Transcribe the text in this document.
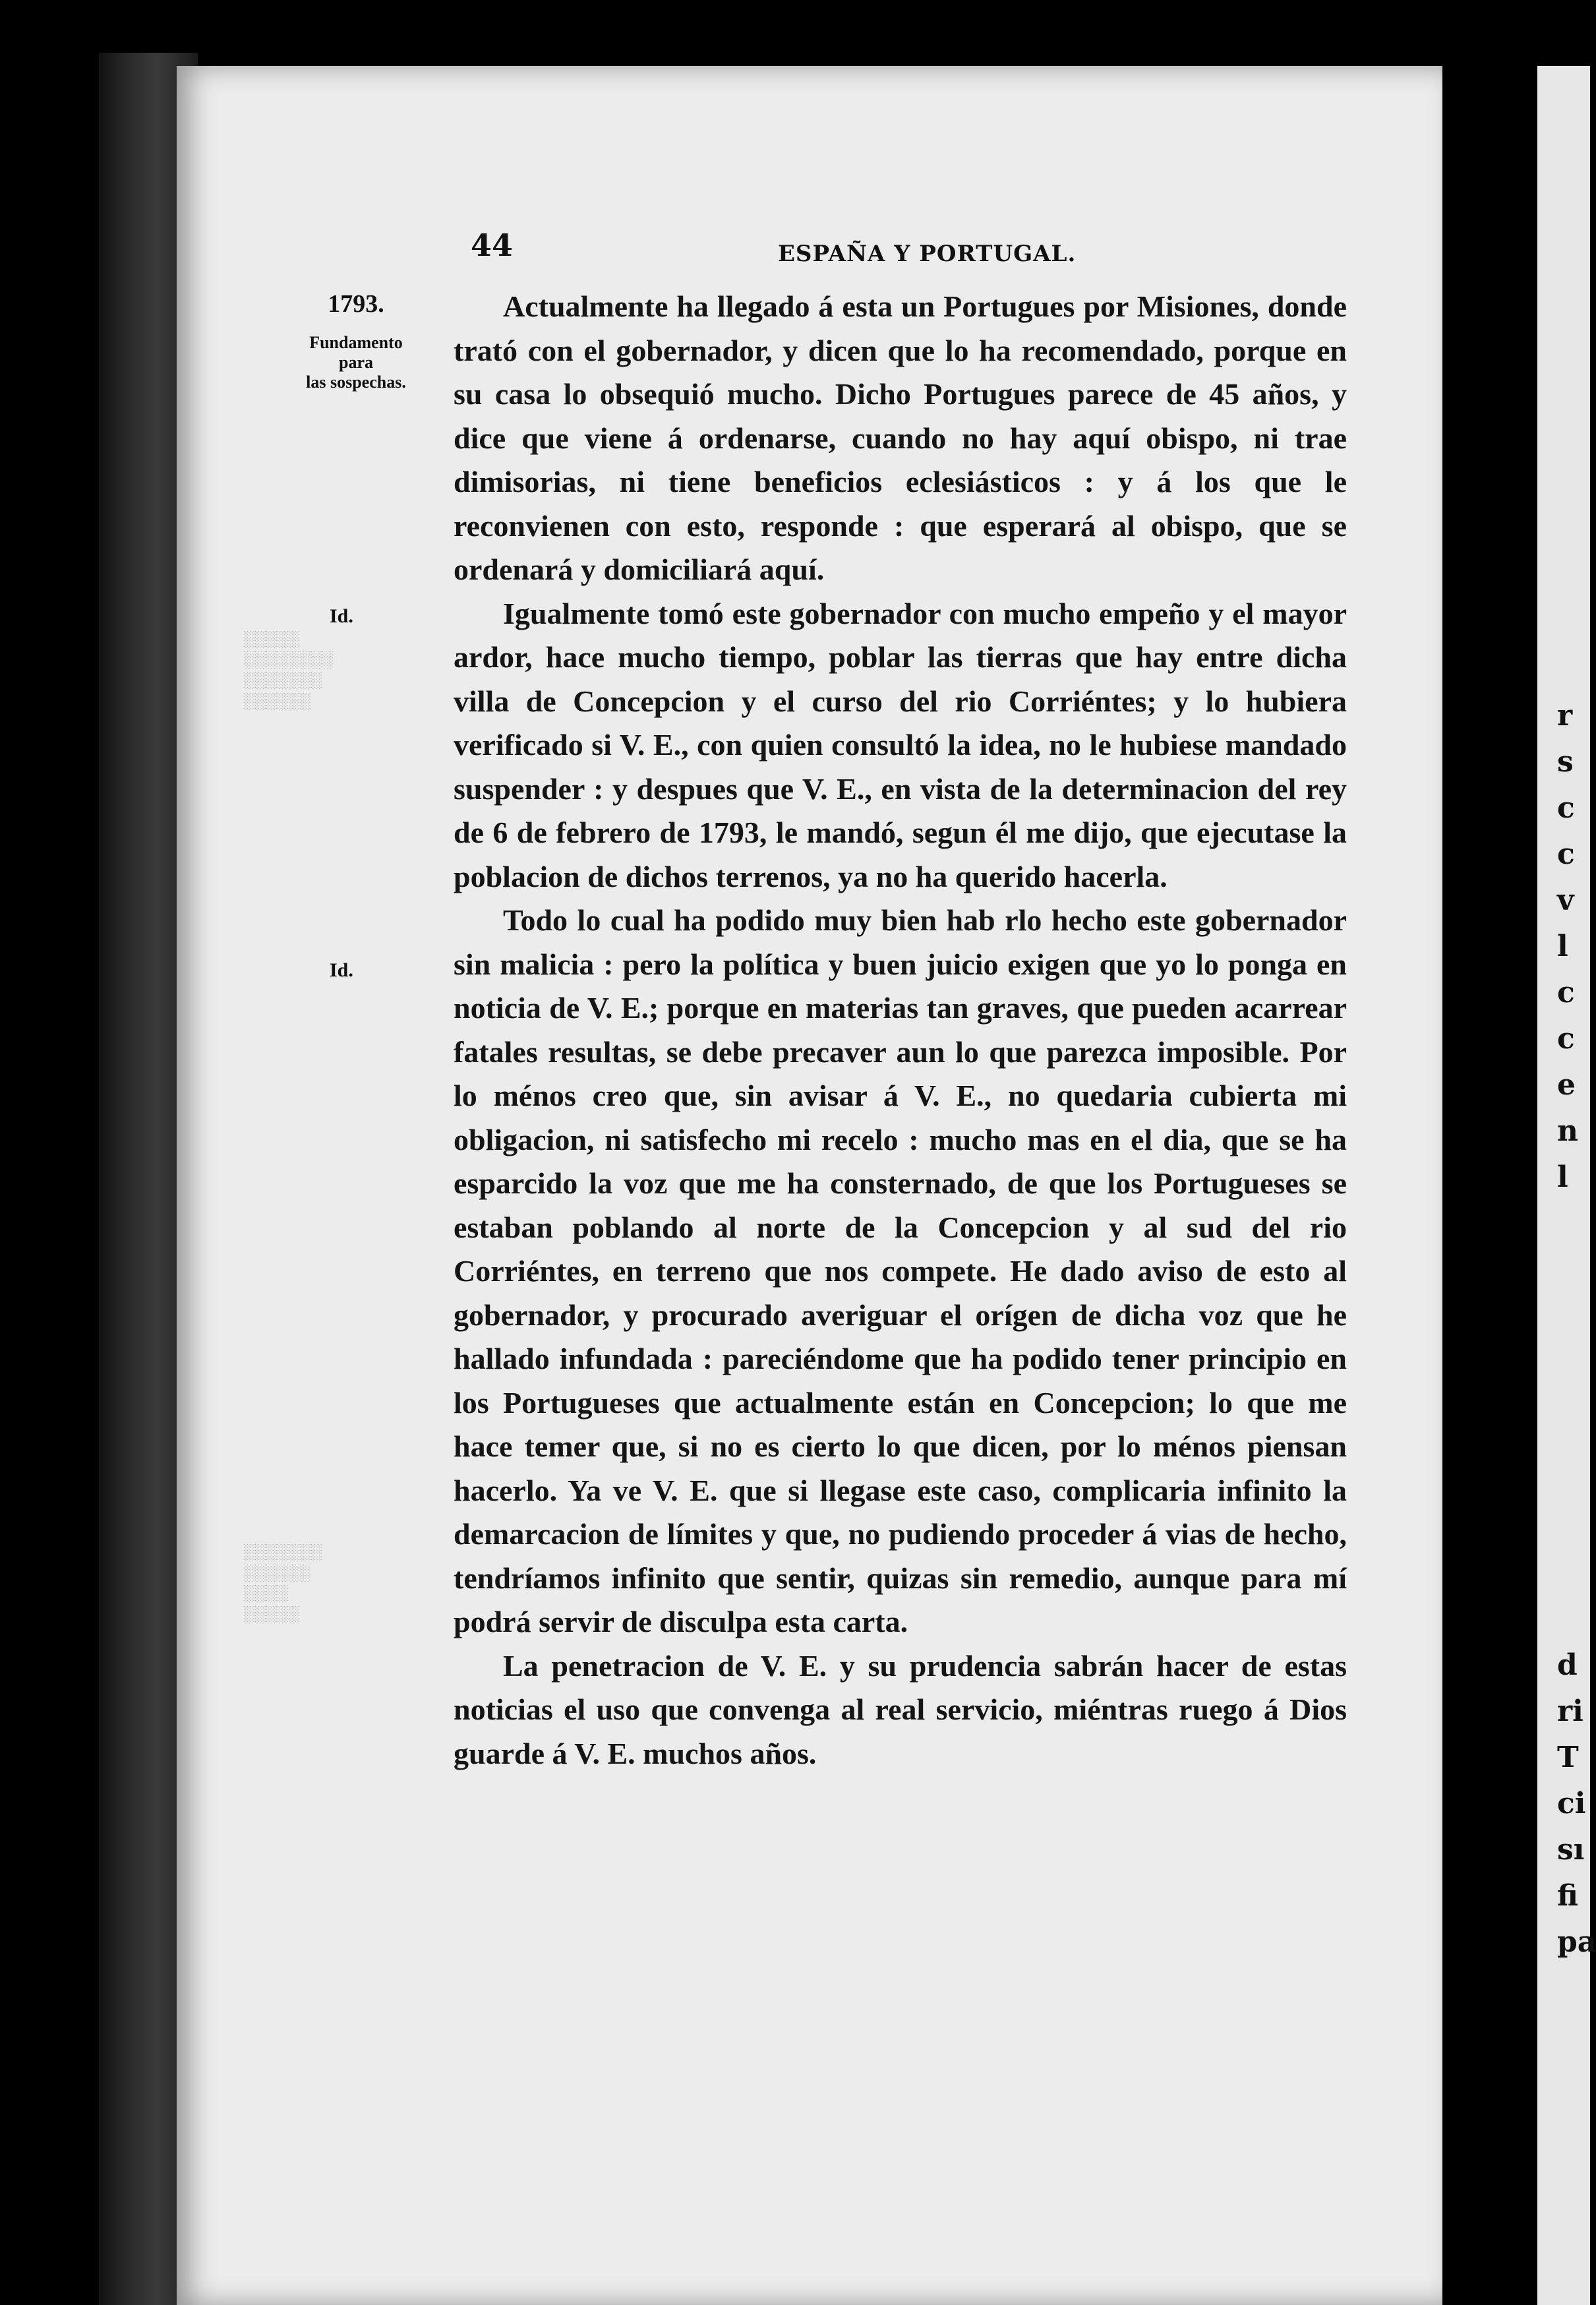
r
s
c
c
v
l
c
c
e
n
l
d
ri
T
ci
sı
fi
pa
44	ESPAÑA Y PORTUGAL.
1793.
Fundamento
para
las sospechas.
Id.
Id.
░░░░░
░░░░░░░░
░░░░░░░
░░░░░░
░░░░░░░
░░░░░░
░░░░
░░░░░

Actualmente ha llegado á esta un Portugues por Misiones, donde trató con el gobernador, y dicen que lo ha recomendado, porque en su casa lo obsequió mucho. Dicho Portugues parece de 45 años, y dice que viene á ordenarse, cuando no hay aquí obispo, ni trae dimisorias, ni tiene beneficios eclesiásticos : y á los que le reconvienen con esto, responde : que esperará al obispo, que se ordenará y domiciliará aquí.

Igualmente tomó este gobernador con mucho empeño y el mayor ardor, hace mucho tiempo, poblar las tierras que hay entre dicha villa de Concepcion y el curso del rio Corriéntes; y lo hubiera verificado si V. E., con quien consultó la idea, no le hubiese mandado suspender : y despues que V. E., en vista de la determinacion del rey de 6 de febrero de 1793, le mandó, segun él me dijo, que ejecutase la poblacion de dichos terrenos, ya no ha querido hacerla.

Todo lo cual ha podido muy bien hab rlo hecho este gobernador sin malicia : pero la política y buen juicio exigen que yo lo ponga en noticia de V. E.; porque en materias tan graves, que pueden acarrear fatales resultas, se debe precaver aun lo que parezca imposible. Por lo ménos creo que, sin avisar á V. E., no quedaria cubierta mi obligacion, ni satisfecho mi recelo : mucho mas en el dia, que se ha esparcido la voz que me ha consternado, de que los Portugueses se estaban poblando al norte de la Concepcion y al sud del rio Corriéntes, en terreno que nos compete. He dado aviso de esto al gobernador, y procurado averiguar el orígen de dicha voz que he hallado infundada : pareciéndome que ha podido tener principio en los Portugueses que actualmente están en Concepcion; lo que me hace temer que, si no es cierto lo que dicen, por lo ménos piensan hacerlo. Ya ve V. E. que si llegase este caso, complicaria infinito la demarcacion de límites y que, no pudiendo proceder á vias de hecho, tendríamos infinito que sentir, quizas sin remedio, aunque para mí podrá servir de disculpa esta carta.

La penetracion de V. E. y su prudencia sabrán hacer de estas noticias el uso que convenga al real servicio, miéntras ruego á Dios guarde á V. E. muchos años.
